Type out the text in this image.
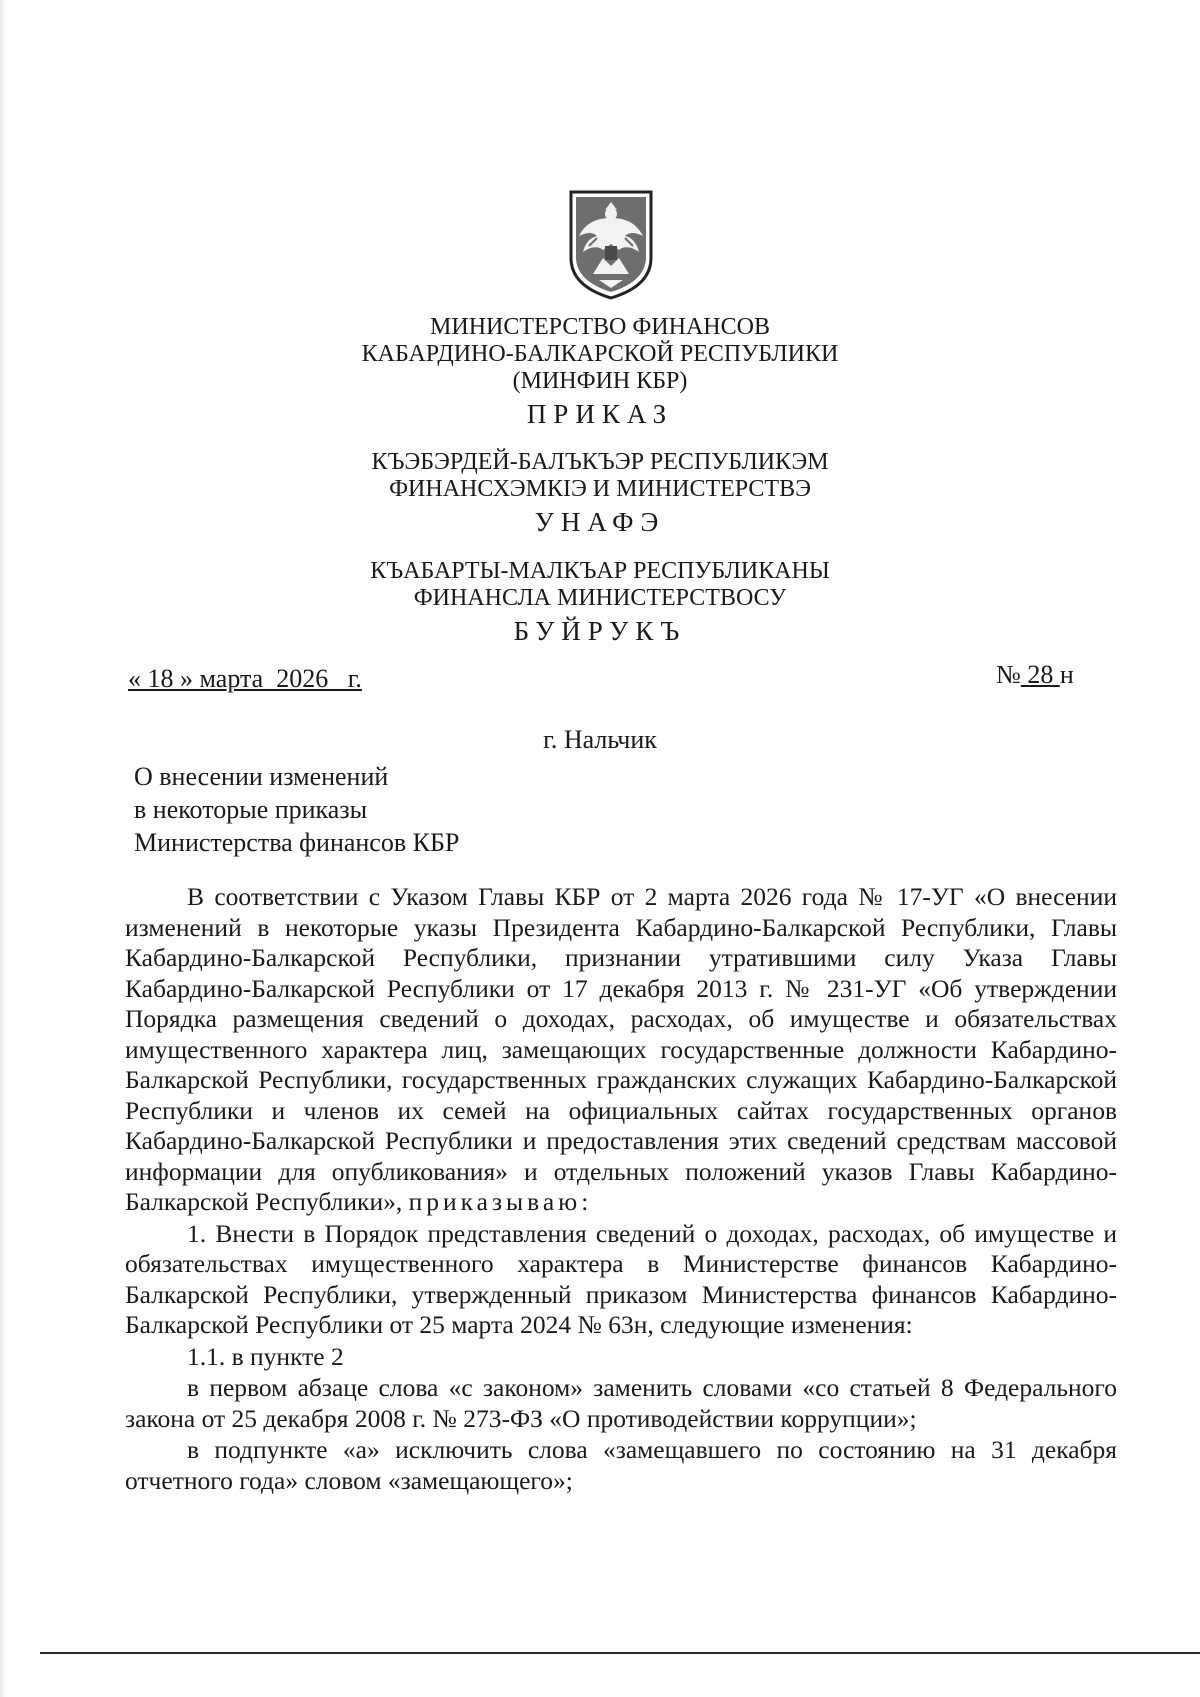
МИНИСТЕРСТВО ФИНАНСОВ
КАБАРДИНО-БАЛКАРСКОЙ РЕСПУБЛИКИ
(МИНФИН КБР)
ПРИКАЗ
КЪЭБЭРДЕЙ-БАЛЪКЪЭР РЕСПУБЛИКЭМ
ФИНАНСХЭМКIЭ И МИНИСТЕРСТВЭ
УНАФЭ
КЪАБАРТЫ-МАЛКЪАР РЕСПУБЛИКАНЫ
ФИНАНСЛА МИНИСТЕРСТВОСУ
БУЙРУКЪ
« 18 » марта  2026   г.	№ 28 н
г. Нальчик
О внесении изменений
в некоторые приказы
Министерства финансов КБР

В соответствии с Указом Главы КБР от 2 марта 2026 года № 17-УГ «О внесении изменений в некоторые указы Президента Кабардино-Балкарской Республики, Главы Кабардино-Балкарской Республики, признании утратившими силу Указа Главы Кабардино-Балкарской Республики от 17 декабря 2013 г. № 231-УГ «Об утверждении Порядка размещения сведений о доходах, расходах, об имуществе и обязательствах имущественного характера лиц, замещающих государственные должности Кабардино-Балкарской Республики, государственных гражданских служащих Кабардино-Балкарской Республики и членов их семей на официальных сайтах государственных органов Кабардино-Балкарской Республики и предоставления этих сведений средствам массовой информации для опубликования» и отдельных положений указов Главы Кабардино-Балкарской Республики», приказываю:

1. Внести в Порядок представления сведений о доходах, расходах, об имуществе и обязательствах имущественного характера в Министерстве финансов Кабардино-Балкарской Республики, утвержденный приказом Министерства финансов Кабардино-Балкарской Республики от 25 марта 2024 № 63н, следующие изменения:

1.1. в пункте 2

в первом абзаце слова «с законом» заменить словами «со статьей 8 Федерального закона от 25 декабря 2008 г. № 273-ФЗ «О противодействии коррупции»;

в подпункте «а» исключить слова «замещавшего по состоянию на 31 декабря отчетного года» словом «замещающего»;
